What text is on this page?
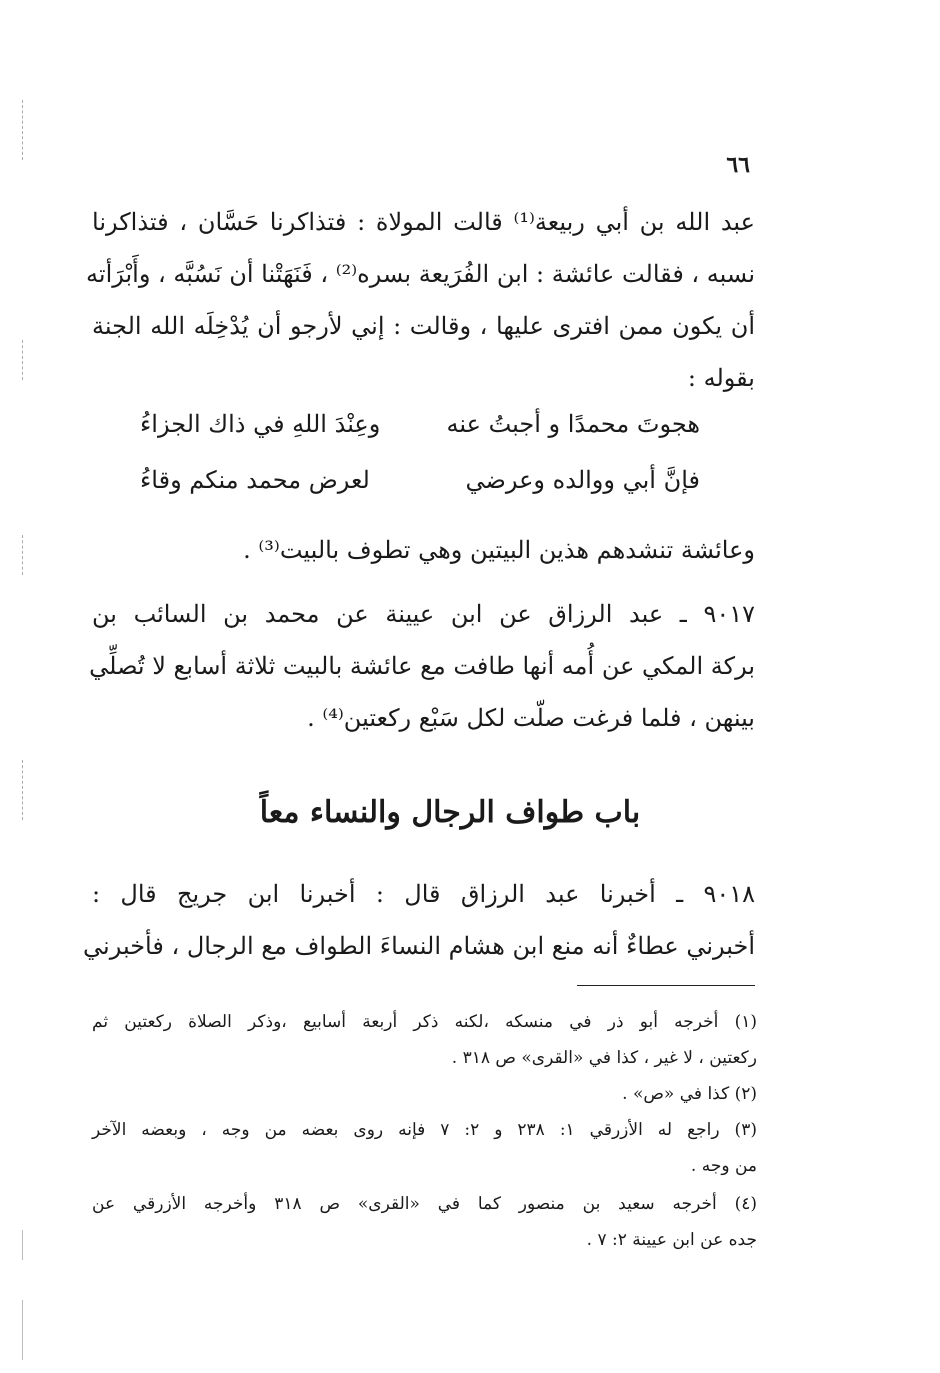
٦٦
عبد الله بن أبي ربيعة⁽¹⁾ قالت المولاة : فتذاكرنا حَسَّان ، فتذاكرنا
نسبه ، فقالت عائشة : ابن الفُرَيعة بسره⁽²⁾ ، فَنَهَتْنا أن نَسُبَّه ، وأَبْرَأته
أن يكون ممن افترى عليها ، وقالت : إني لأرجو أن يُدْخِلَه الله الجنة
بقوله :
هجوتَ محمدًا و أجبتُ عنه
وعِنْدَ اللهِ في ذاك الجزاءُ
فإنَّ أبي ووالده وعرضي
لعرض محمد منكم وقاءُ
وعائشة تنشدهم هذين البيتين وهي تطوف بالبيت⁽³⁾ .
٩٠١٧ ـ عبد الرزاق عن ابن عيينة عن محمد بن السائب بن
بركة المكي عن أُمه أنها طافت مع عائشة بالبيت ثلاثة أسابع لا تُصلِّي
بينهن ، فلما فرغت صلّت لكل سَبْع ركعتين⁽⁴⁾ .
باب طواف الرجال والنساء معاً
٩٠١٨ ـ أخبرنا عبد الرزاق قال : أخبرنا ابن جريج قال :
أخبرني عطاءٌ أنه منع ابن هشام النساءَ الطواف مع الرجال ، فأخبرني
(١) أخرجه أبو ذر في منسكه ،لكنه ذكر أربعة أسابيع ،وذكر الصلاة ركعتين ثم
ركعتين ، لا غير ، كذا في «القرى» ص ٣١٨ .
(٢) كذا في «ص» .
(٣) راجع له الأزرقي ١: ٢٣٨ و ٢: ٧ فإنه روى بعضه من وجه ، وبعضه الآخر
من وجه .
(٤) أخرجه سعيد بن منصور كما في «القرى» ص ٣١٨ وأخرجه الأزرقي عن
جده عن ابن عيينة ٢: ٧ .
